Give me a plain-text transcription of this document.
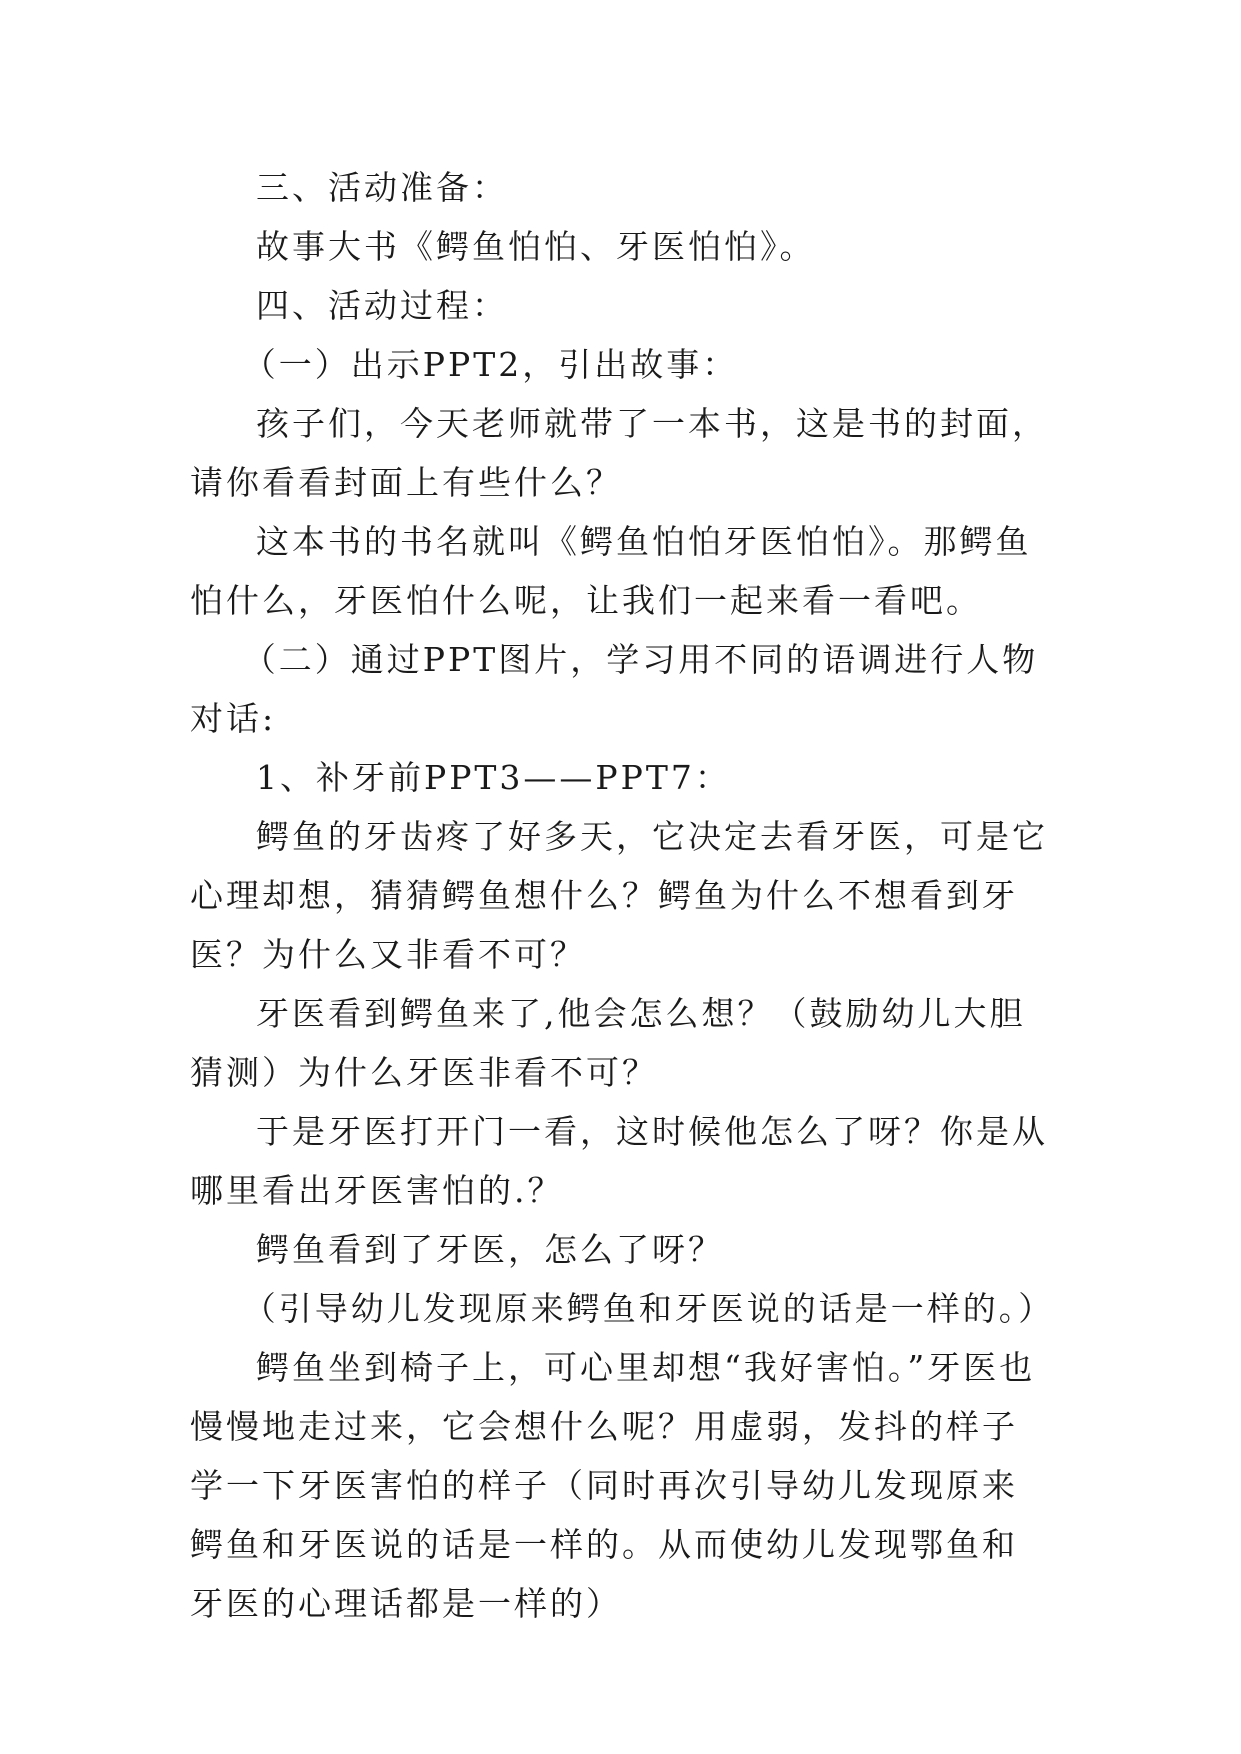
三、活动准备：

故事大书《鳄鱼怕怕、牙医怕怕》。

四、活动过程：

（一）出示PPT2，引出故事：

孩子们，今天老师就带了一本书，这是书的封面，请你看看封面上有些什么？

这本书的书名就叫《鳄鱼怕怕牙医怕怕》。那鳄鱼怕什么，牙医怕什么呢，让我们一起来看一看吧。

（二）通过PPT图片，学习用不同的语调进行人物对话:

1、补牙前PPT3——PPT7：

鳄鱼的牙齿疼了好多天，它决定去看牙医，可是它心理却想，猜猜鳄鱼想什么？鳄鱼为什么不想看到牙医？为什么又非看不可？

牙医看到鳄鱼来了,他会怎么想？（鼓励幼儿大胆猜测）为什么牙医非看不可？

于是牙医打开门一看，这时候他怎么了呀？你是从哪里看出牙医害怕的.？

鳄鱼看到了牙医，怎么了呀？

（引导幼儿发现原来鳄鱼和牙医说的话是一样的。）

鳄鱼坐到椅子上，可心里却想“我好害怕。”牙医也慢慢地走过来，它会想什么呢？用虚弱，发抖的样子学一下牙医害怕的样子（同时再次引导幼儿发现原来鳄鱼和牙医说的话是一样的。从而使幼儿发现鄂鱼和牙医的心理话都是一样的）
